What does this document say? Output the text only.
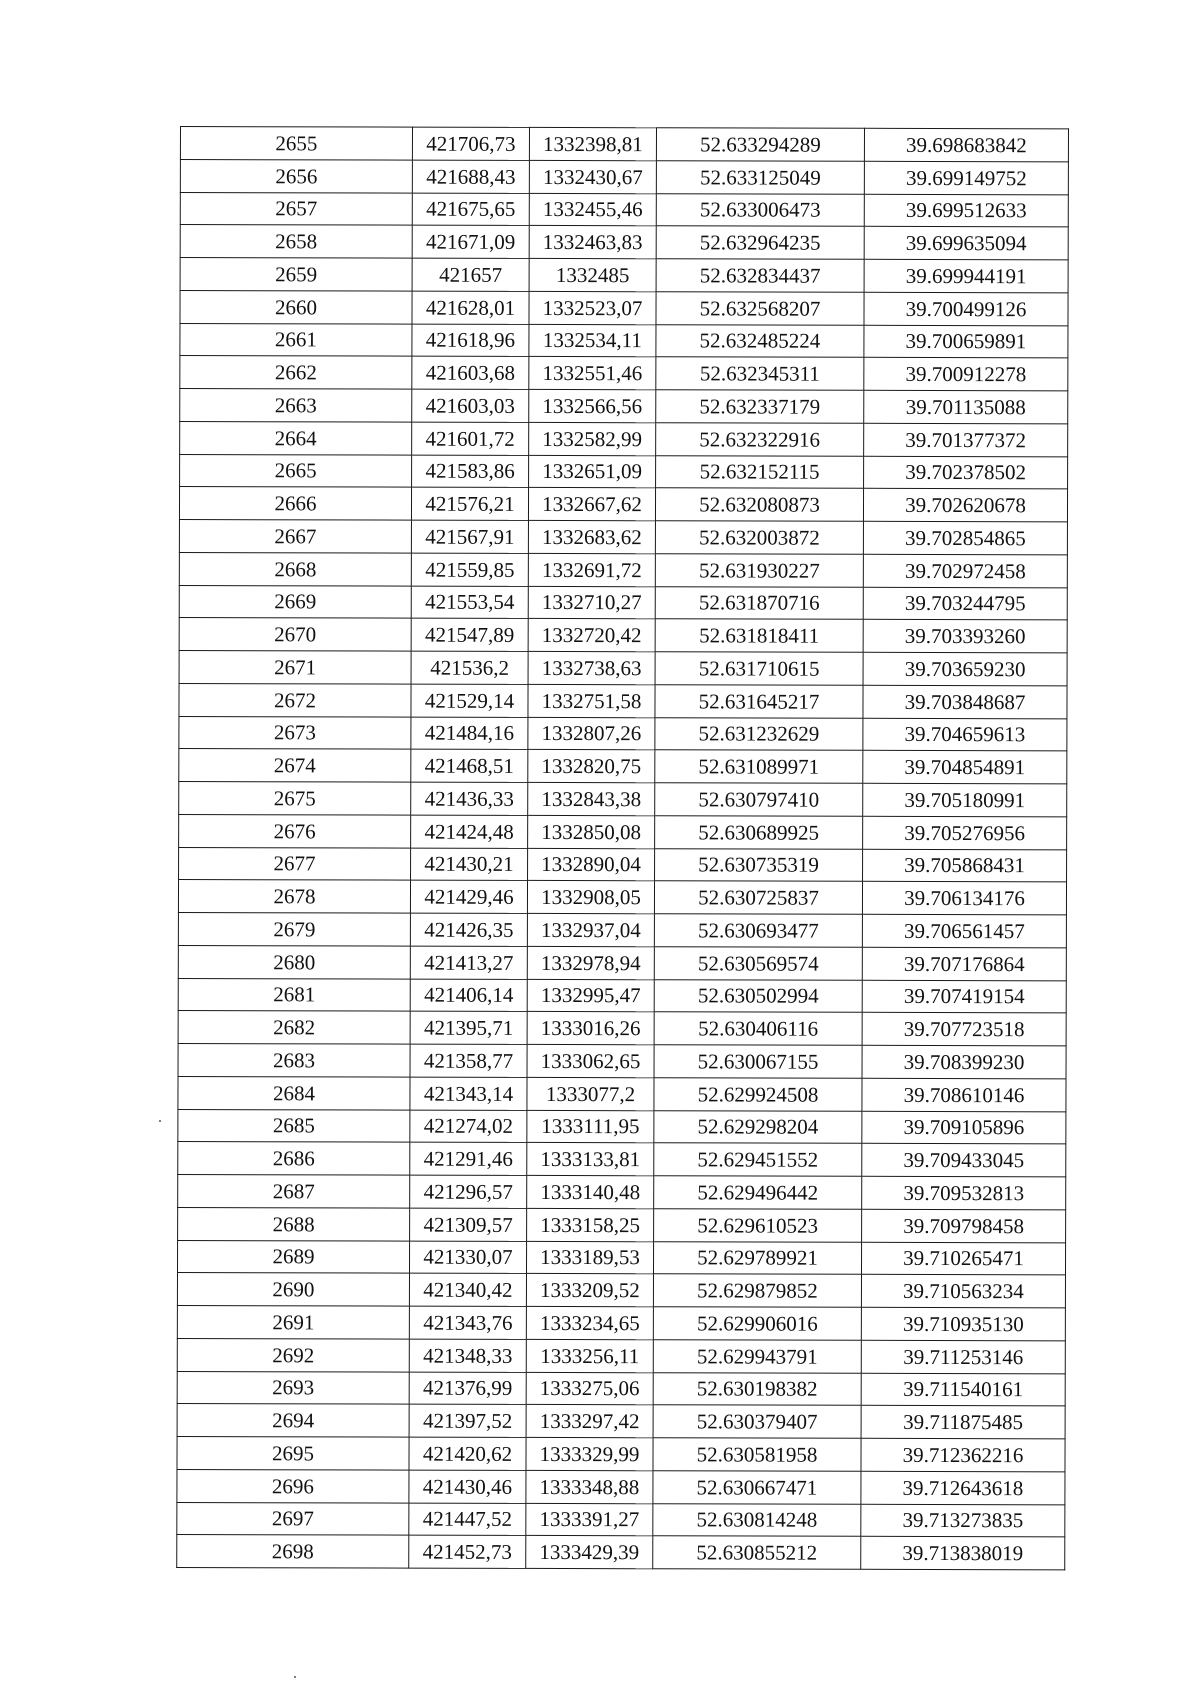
2655	421706,73	1332398,81	52.633294289	39.698683842
2656	421688,43	1332430,67	52.633125049	39.699149752
2657	421675,65	1332455,46	52.633006473	39.699512633
2658	421671,09	1332463,83	52.632964235	39.699635094
2659	421657	1332485	52.632834437	39.699944191
2660	421628,01	1332523,07	52.632568207	39.700499126
2661	421618,96	1332534,11	52.632485224	39.700659891
2662	421603,68	1332551,46	52.632345311	39.700912278
2663	421603,03	1332566,56	52.632337179	39.701135088
2664	421601,72	1332582,99	52.632322916	39.701377372
2665	421583,86	1332651,09	52.632152115	39.702378502
2666	421576,21	1332667,62	52.632080873	39.702620678
2667	421567,91	1332683,62	52.632003872	39.702854865
2668	421559,85	1332691,72	52.631930227	39.702972458
2669	421553,54	1332710,27	52.631870716	39.703244795
2670	421547,89	1332720,42	52.631818411	39.703393260
2671	421536,2	1332738,63	52.631710615	39.703659230
2672	421529,14	1332751,58	52.631645217	39.703848687
2673	421484,16	1332807,26	52.631232629	39.704659613
2674	421468,51	1332820,75	52.631089971	39.704854891
2675	421436,33	1332843,38	52.630797410	39.705180991
2676	421424,48	1332850,08	52.630689925	39.705276956
2677	421430,21	1332890,04	52.630735319	39.705868431
2678	421429,46	1332908,05	52.630725837	39.706134176
2679	421426,35	1332937,04	52.630693477	39.706561457
2680	421413,27	1332978,94	52.630569574	39.707176864
2681	421406,14	1332995,47	52.630502994	39.707419154
2682	421395,71	1333016,26	52.630406116	39.707723518
2683	421358,77	1333062,65	52.630067155	39.708399230
2684	421343,14	1333077,2	52.629924508	39.708610146
2685	421274,02	1333111,95	52.629298204	39.709105896
2686	421291,46	1333133,81	52.629451552	39.709433045
2687	421296,57	1333140,48	52.629496442	39.709532813
2688	421309,57	1333158,25	52.629610523	39.709798458
2689	421330,07	1333189,53	52.629789921	39.710265471
2690	421340,42	1333209,52	52.629879852	39.710563234
2691	421343,76	1333234,65	52.629906016	39.710935130
2692	421348,33	1333256,11	52.629943791	39.711253146
2693	421376,99	1333275,06	52.630198382	39.711540161
2694	421397,52	1333297,42	52.630379407	39.711875485
2695	421420,62	1333329,99	52.630581958	39.712362216
2696	421430,46	1333348,88	52.630667471	39.712643618
2697	421447,52	1333391,27	52.630814248	39.713273835
2698	421452,73	1333429,39	52.630855212	39.713838019
